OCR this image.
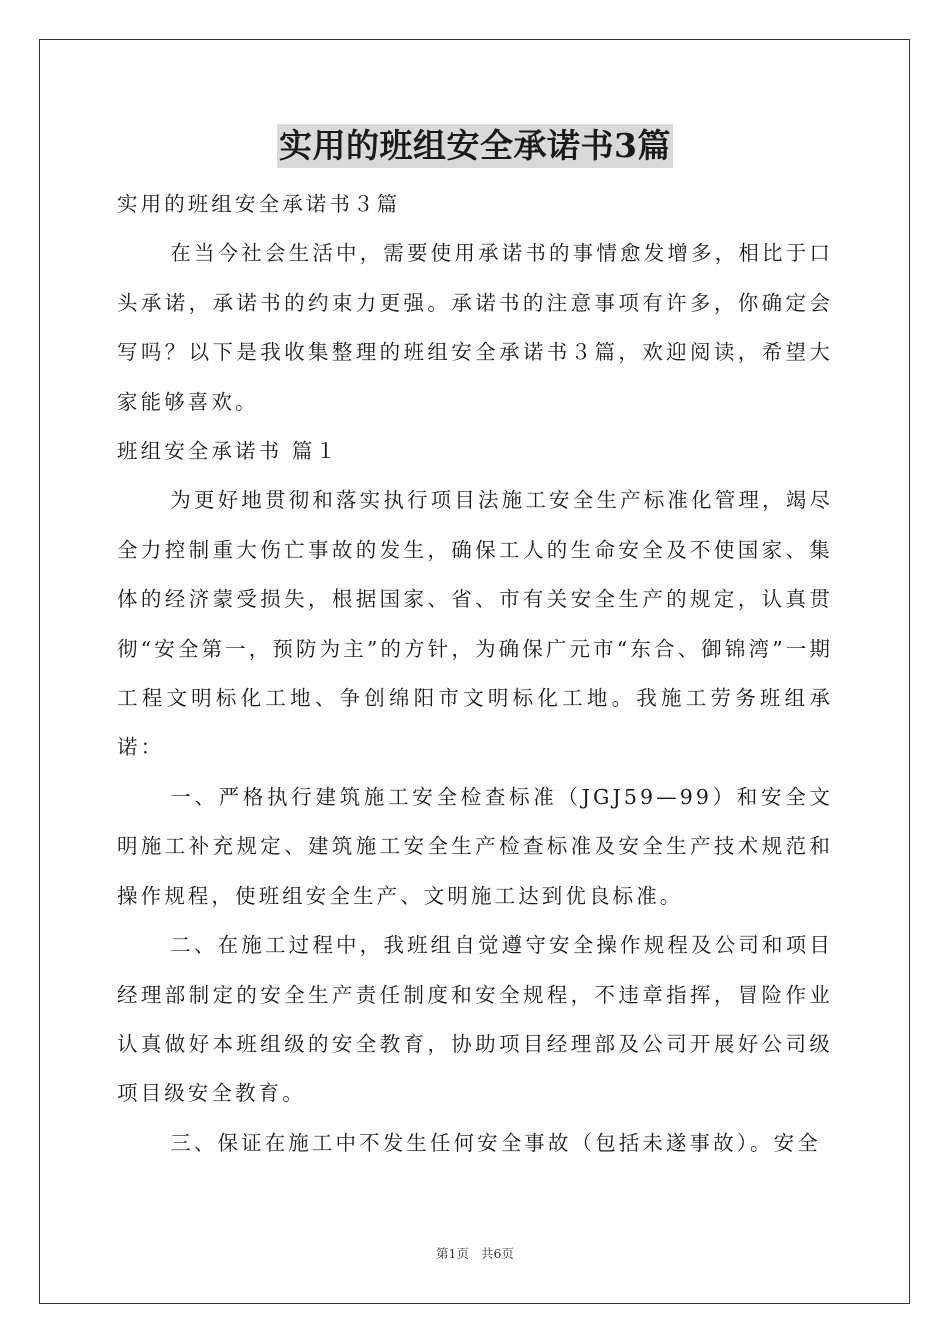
实用的班组安全承诺书3篇

实用的班组安全承诺书３篇

在当今社会生活中，需要使用承诺书的事情愈发增多，相比于口头承诺，承诺书的约束力更强。承诺书的注意事项有许多，你确定会写吗？以下是我收集整理的班组安全承诺书３篇，欢迎阅读，希望大家能够喜欢。

班组安全承诺书 篇１

为更好地贯彻和落实执行项目法施工安全生产标准化管理，竭尽全力控制重大伤亡事故的发生，确保工人的生命安全及不使国家、集体的经济蒙受损失，根据国家、省、市有关安全生产的规定，认真贯彻“安全第一，预防为主”的方针，为确保广元市“东合、御锦湾”一期工程文明标化工地、争创绵阳市文明标化工地。我施工劳务班组承诺：

一、严格执行建筑施工安全检查标准（JGJ59—99）和安全文明施工补充规定、建筑施工安全生产检查标准及安全生产技术规范和操作规程，使班组安全生产、文明施工达到优良标准。

二、在施工过程中，我班组自觉遵守安全操作规程及公司和项目经理部制定的安全生产责任制度和安全规程，不违章指挥，冒险作业认真做好本班组级的安全教育，协助项目经理部及公司开展好公司级项目级安全教育。

三、保证在施工中不发生任何安全事故（包括未遂事故）。安全

第1页 共6页
